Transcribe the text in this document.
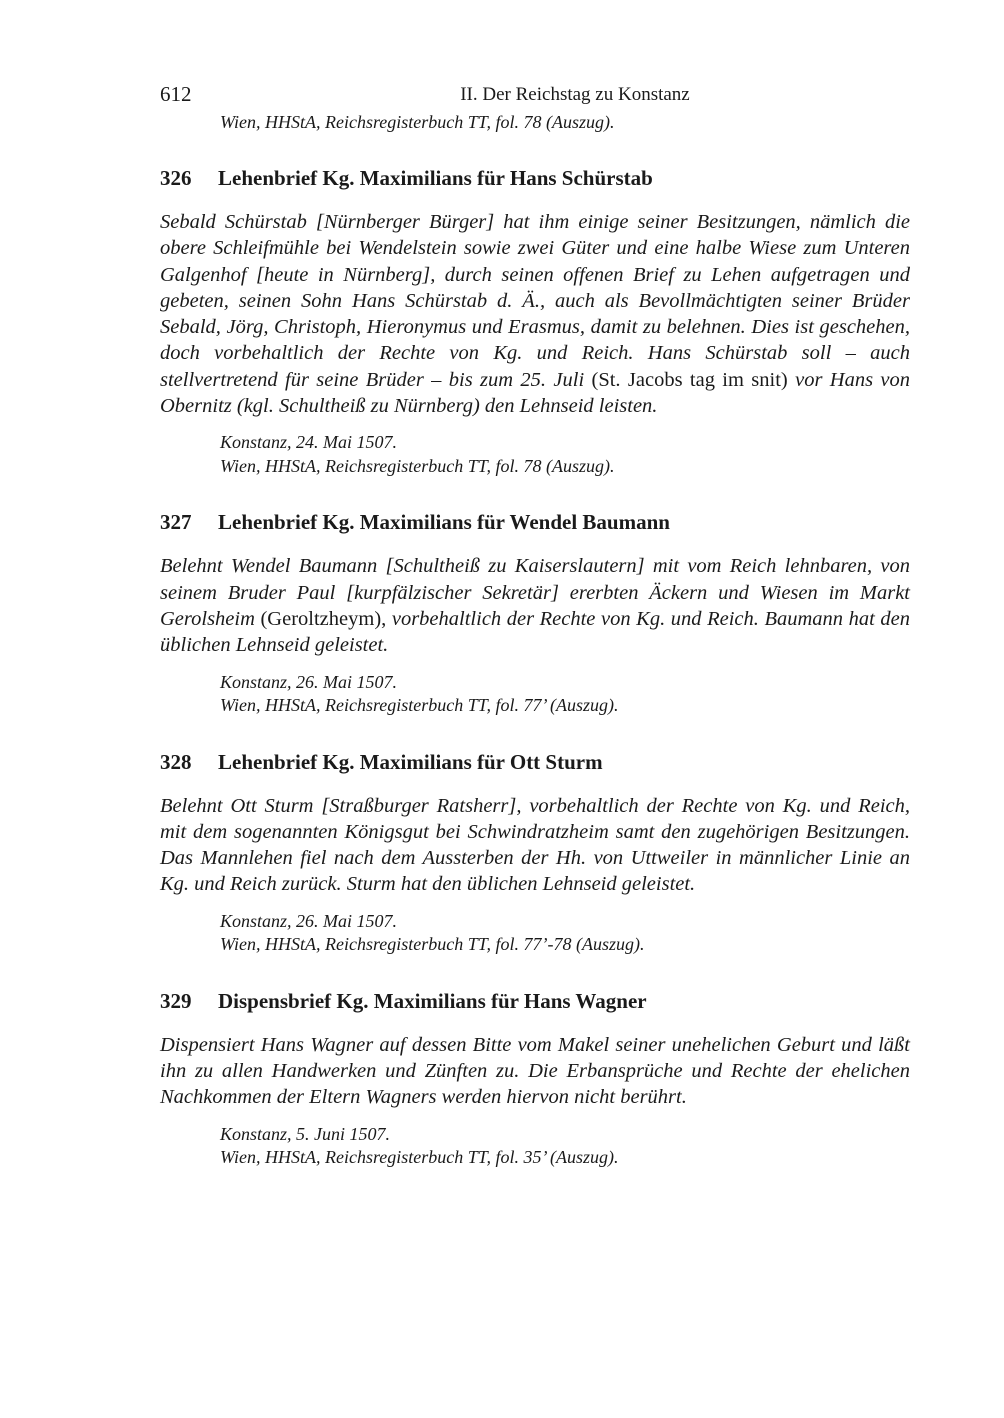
612	II. Der Reichstag zu Konstanz

Wien, HHStA, Reichsregisterbuch TT, fol. 78 (Auszug).

326	Lehenbrief Kg. Maximilians für Hans Schürstab

Sebald Schürstab [Nürnberger Bürger] hat ihm einige seiner Besitzungen, nämlich die obere Schleifmühle bei Wendelstein sowie zwei Güter und eine halbe Wiese zum Unteren Galgenhof [heute in Nürnberg], durch seinen offenen Brief zu Lehen aufgetragen und gebeten, seinen Sohn Hans Schürstab d. Ä., auch als Bevollmächtigten seiner Brüder Sebald, Jörg, Christoph, Hieronymus und Erasmus, damit zu belehnen. Dies ist geschehen, doch vorbehaltlich der Rechte von Kg. und Reich. Hans Schürstab soll – auch stellvertretend für seine Brüder – bis zum 25. Juli (St. Jacobs tag im snit) vor Hans von Obernitz (kgl. Schultheiß zu Nürnberg) den Lehnseid leisten.

Konstanz, 24. Mai 1507.
Wien, HHStA, Reichsregisterbuch TT, fol. 78 (Auszug).
327	Lehenbrief Kg. Maximilians für Wendel Baumann

Belehnt Wendel Baumann [Schultheiß zu Kaiserslautern] mit vom Reich lehnbaren, von seinem Bruder Paul [kurpfälzischer Sekretär] ererbten Äckern und Wiesen im Markt Gerolsheim (Geroltzheym), vorbehaltlich der Rechte von Kg. und Reich. Baumann hat den üblichen Lehnseid geleistet.

Konstanz, 26. Mai 1507.
Wien, HHStA, Reichsregisterbuch TT, fol. 77’ (Auszug).
328	Lehenbrief Kg. Maximilians für Ott Sturm

Belehnt Ott Sturm [Straßburger Ratsherr], vorbehaltlich der Rechte von Kg. und Reich, mit dem sogenannten Königsgut bei Schwindratzheim samt den zugehörigen Besitzungen. Das Mannlehen fiel nach dem Aussterben der Hh. von Uttweiler in männlicher Linie an Kg. und Reich zurück. Sturm hat den üblichen Lehnseid geleistet.

Konstanz, 26. Mai 1507.
Wien, HHStA, Reichsregisterbuch TT, fol. 77’-78 (Auszug).
329	Dispensbrief Kg. Maximilians für Hans Wagner

Dispensiert Hans Wagner auf dessen Bitte vom Makel seiner unehelichen Geburt und läßt ihn zu allen Handwerken und Zünften zu. Die Erbansprüche und Rechte der ehelichen Nachkommen der Eltern Wagners werden hiervon nicht berührt.

Konstanz, 5. Juni 1507.
Wien, HHStA, Reichsregisterbuch TT, fol. 35’ (Auszug).
